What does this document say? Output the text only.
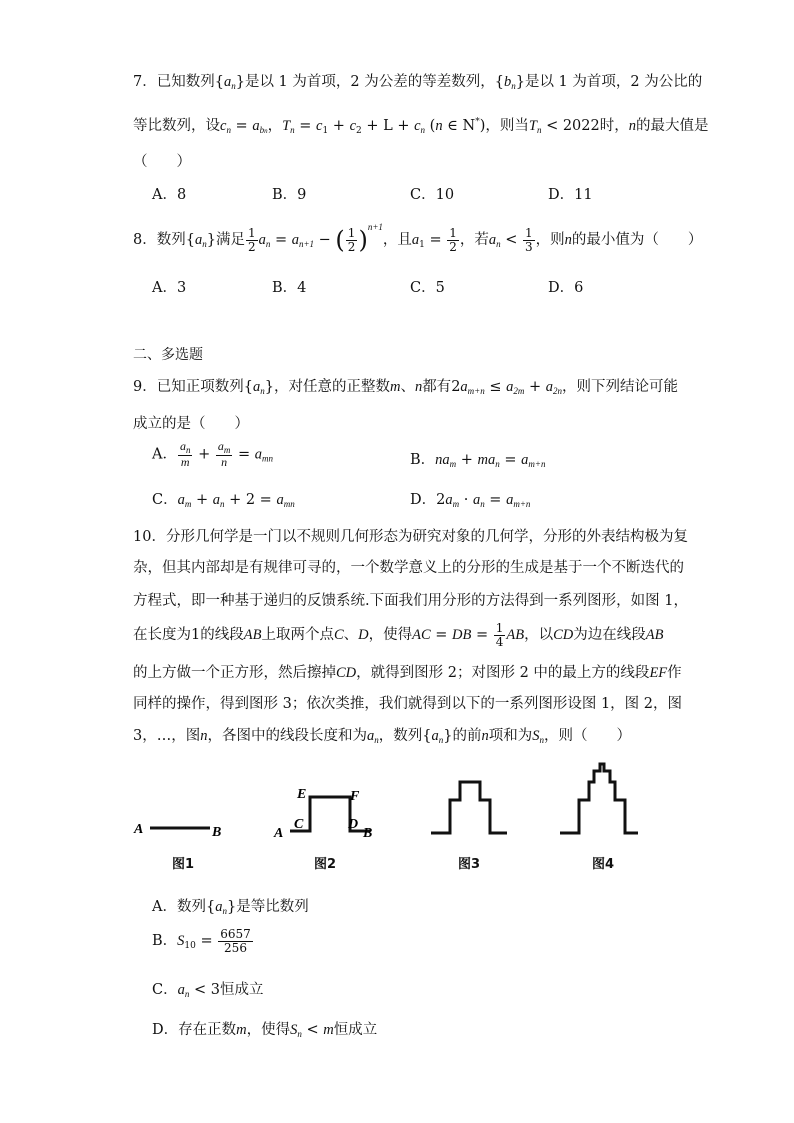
7．已知数列$\{a_n\}$是以 1 为首项，2 为公差的等差数列，$\{b_n\}$是以 1 为首项，2 为公比的
等比数列，设$c_n = a_{bn}$，$T_n = c_1 + c_2 + L + c_n$ (n ∈ N*)，则当$T_n < 2022$时，n的最大值是
（　　）
A．8	B．9	C．10	D．11
8．数列$\{a_n\}$满足 $\frac{1}{2} a_n = a_{n+1}$ − ( $\frac{1}{2} )^{n+1}$，且$a_1 = \frac{1}{2}$ ，若$a_n < \frac{1}{3}$ ，则n的最小值为（　　）
A．3	B．4	C．5	D．6
二、多选题
9．已知正项数列$\{a_n\}$，对任意的正整数m、n都有$2a_{m+n} \le a_{2m} + a_{2n}$，则下列结论可能
成立的是（　　）
A． $\frac{a_n}{m} + \frac{a_m}{n} = a_{mn}$	B．$na_m + ma_n = a_{m+n}$
C．$a_m + a_n + 2 = a_{mn}$	D．$2a_m \cdot a_n = a_{m+n}$
10．分形几何学是一门以不规则几何形态为研究对象的几何学，分形的外表结构极为复
杂，但其内部却是有规律可寻的，一个数学意义上的分形的生成是基于一个不断迭代的
方程式，即一种基于递归的反馈系统.下面我们用分形的方法得到一系列图形，如图 1，
在长度为1的线段AB上取两个点C、D，使得AC = DB = $\frac{1}{4}$ AB，以CD为边在线段AB
的上方做一个正方形，然后擦掉CD，就得到图形 2；对图形 2 中的最上方的线段EF作
同样的操作，得到图形 3；依次类推，我们就得到以下的一系列图形设图 1，图 2，图
3，…，图n，各图中的线段长度和为$a_n$，数列$\{a_n\}$的前n项和为$S_n$，则（　　）
A	B
图1
A
C
E	F
D
B
图2	图3	图4
A．数列$\{a_n\}$是等比数列
B．$S_{10} = \frac{6657}{256}$
C．$a_n < 3$恒成立
D．存在正数m，使得$S_n < m$恒成立
